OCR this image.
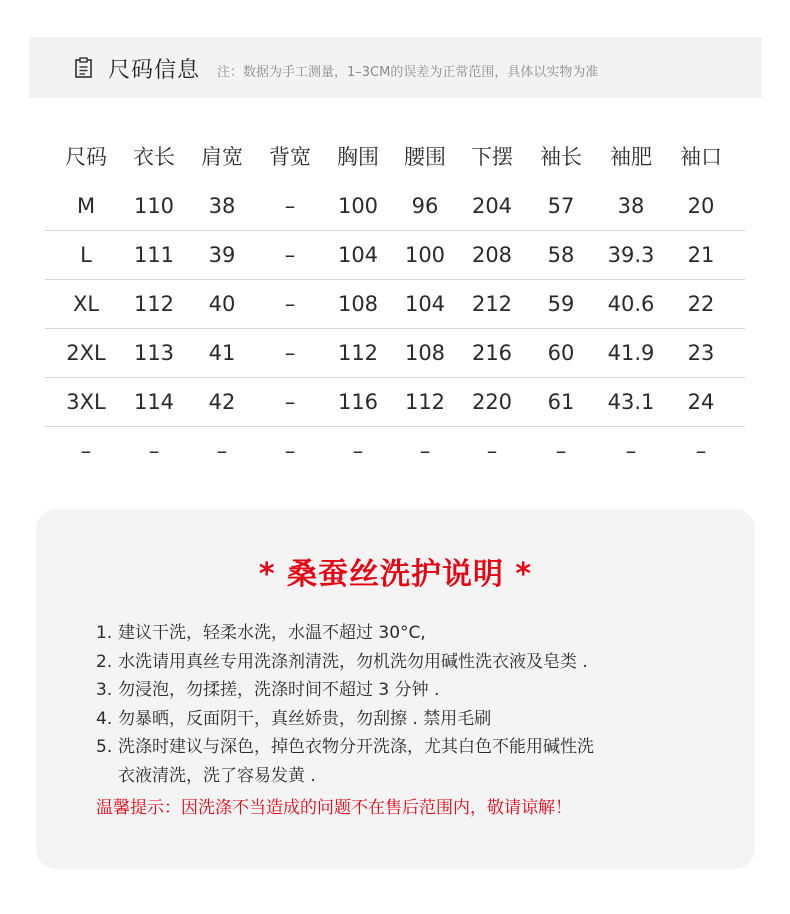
尺码信息 注：数据为手工测量，1–3CM的误差为正常范围，具体以实物为准
尺码 衣长 肩宽 背宽 胸围 腰围 下摆 袖长 袖肥 袖口
M 110 38 – 100 96 204 57 38 20
L 111 39 – 104 100 208 58 39.3 21
XL 112 40 – 108 104 212 59 40.6 22
2XL 113 41 – 112 108 216 60 41.9 23
3XL 114 42 – 116 112 220 61 43.1 24
–	–	–	–	–	–	–	–	–	–
* 桑蚕丝洗护说明 *
1. 建议干洗，轻柔水洗，水温不超过 30°C,
2. 水洗请用真丝专用洗涤剂清洗，勿机洗勿用碱性洗衣液及皂类 .
3. 勿浸泡，勿揉搓，洗涤时间不超过 3 分钟 .
4. 勿暴晒，反面阴干，真丝娇贵，勿刮擦 . 禁用毛刷
5. 洗涤时建议与深色，掉色衣物分开洗涤，尤其白色不能用碱性洗
衣液清洗，洗了容易发黄 .
温馨提示：因洗涤不当造成的问题不在售后范围内，敬请谅解！
